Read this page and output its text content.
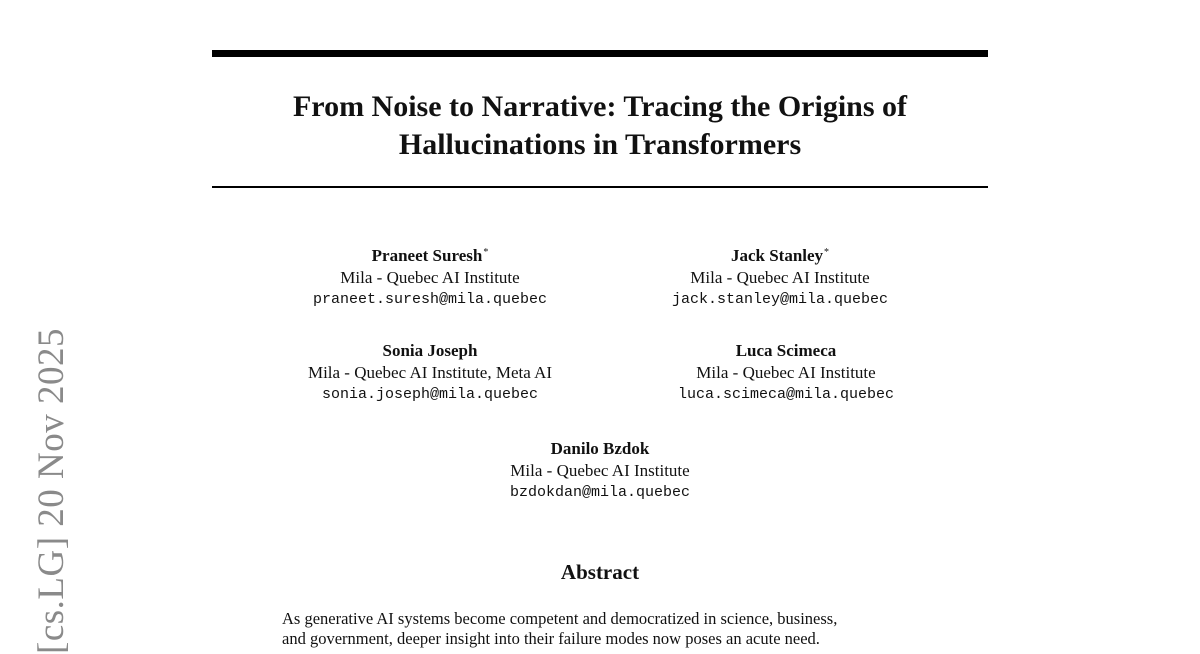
From Noise to Narrative: Tracing the Origins of
Hallucinations in Transformers
Praneet Suresh*
Mila - Quebec AI Institute
praneet.suresh@mila.quebec
Jack Stanley*
Mila - Quebec AI Institute
jack.stanley@mila.quebec
Sonia Joseph
Mila - Quebec AI Institute, Meta AI
sonia.joseph@mila.quebec
Luca Scimeca
Mila - Quebec AI Institute
luca.scimeca@mila.quebec
Danilo Bzdok
Mila - Quebec AI Institute
bzdokdan@mila.quebec
Abstract
As generative AI systems become competent and democratized in science, business,
and government, deeper insight into their failure modes now poses an acute need.
[cs.LG] 20 Nov 2025
